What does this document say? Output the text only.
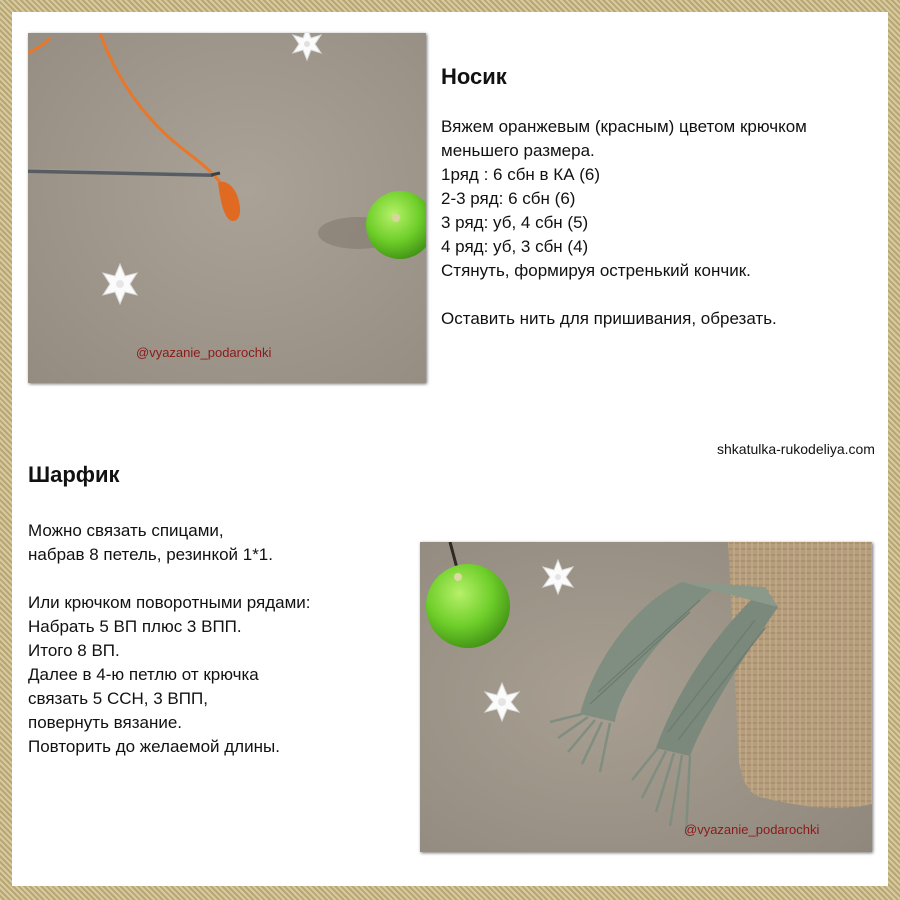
@vyazanie_podarochki
Носик

Вяжем оранжевым (красным) цветом крючком

меньшего размера.

1ряд : 6 сбн в КА (6)

2-3 ряд: 6 сбн (6)

3 ряд: уб, 4 сбн (5)

4 ряд: уб, 3 сбн (4)

Стянуть, формируя остренький кончик.

Оставить нить для пришивания, обрезать.

shkatulka-rukodeliya.com
Шарфик

Можно связать спицами,

набрав 8 петель, резинкой 1*1.

Или крючком поворотными рядами:

Набрать 5 ВП плюс 3 ВПП.

Итого 8 ВП.

Далее в 4-ю петлю от крючка

связать 5 ССН, 3 ВПП,

повернуть вязание.

Повторить до желаемой длины.

@vyazanie_podarochki
